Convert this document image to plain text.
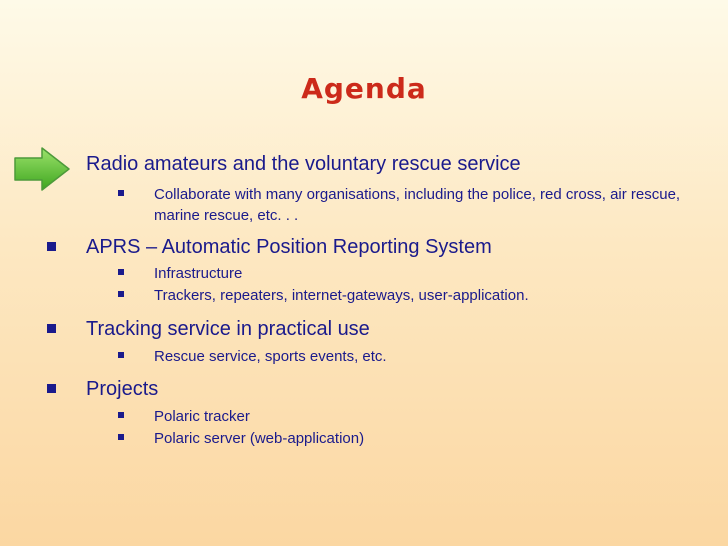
Agenda
Radio amateurs and the voluntary rescue service
Collaborate with many organisations, including the police, red cross, air rescue, marine rescue, etc. . .
APRS – Automatic Position Reporting System
Infrastructure
Trackers, repeaters, internet-gateways, user-application.
Tracking service in practical use
Rescue service, sports events, etc.
Projects
Polaric tracker
Polaric server (web-application)
